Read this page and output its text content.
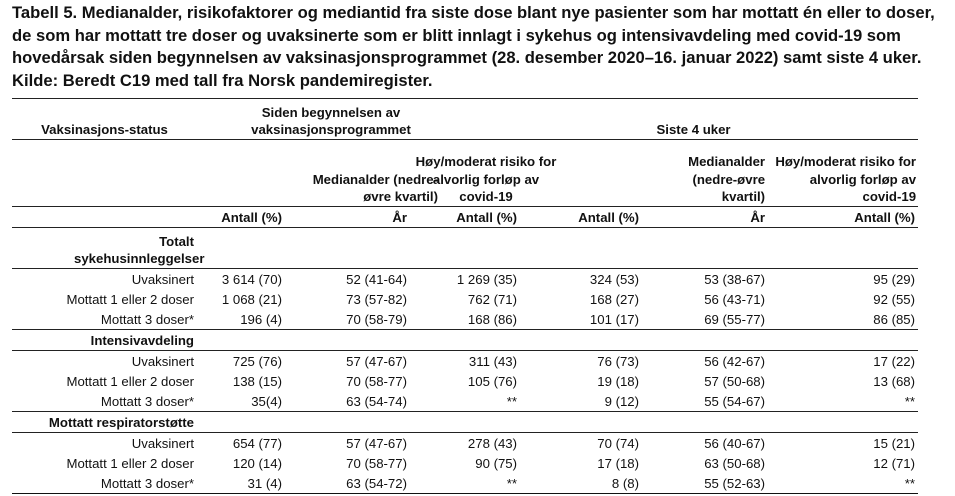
Tabell 5. Medianalder, risikofaktorer og mediantid fra siste dose blant nye pasienter som har mottatt én eller to doser, de som har mottatt tre doser og uvaksinerte som er blitt innlagt i sykehus og intensivavdeling med covid-19 som hovedårsak siden begynnelsen av vaksinasjonsprogrammet (28. desember 2020–16. januar 2022) samt siste 4 uker. Kilde: Beredt C19 med tall fra Norsk pandemiregister.

Vaksinasjons-status	Siden begynnelsen av vaksinasjonsprogrammet			Siste 4 uker		

		Medianalder (nedre-øvre kvartil)	Høy/moderat risiko for alvorlig forløp av covid-19		Medianalder (nedre-øvre kvartil)	Høy/moderat risiko for alvorlig forløp av covid-19

	Antall (%)	År	Antall (%)	Antall (%)	År	Antall (%)

Totalt sykehusinnleggelser						

Uvaksinert	3 614 (70)	52 (41-64)	1 269 (35)	324 (53)	53 (38-67)	95 (29)
Mottatt 1 eller 2 doser	1 068 (21)	73 (57-82)	762 (71)	168 (27)	56 (43-71)	92 (55)
Mottatt 3 doser*	196 (4)	70 (58-79)	168 (86)	101 (17)	69 (55-77)	86 (85)
Intensivavdeling						
Uvaksinert	725 (76)	57 (47-67)	311 (43)	76 (73)	56 (42-67)	17 (22)
Mottatt 1 eller 2 doser	138 (15)	70 (58-77)	105 (76)	19 (18)	57 (50-68)	13 (68)
Mottatt 3 doser*	35(4)	63 (54-74)	**	9 (12)	55 (54-67)	**
Mottatt respiratorstøtte						
Uvaksinert	654 (77)	57 (47-67)	278 (43)	70 (74)	56 (40-67)	15 (21)
Mottatt 1 eller 2 doser	120 (14)	70 (58-77)	90 (75)	17 (18)	63 (50-68)	12 (71)
Mottatt 3 doser*	31 (4)	63 (54-72)	**	8 (8)	55 (52-63)	**
